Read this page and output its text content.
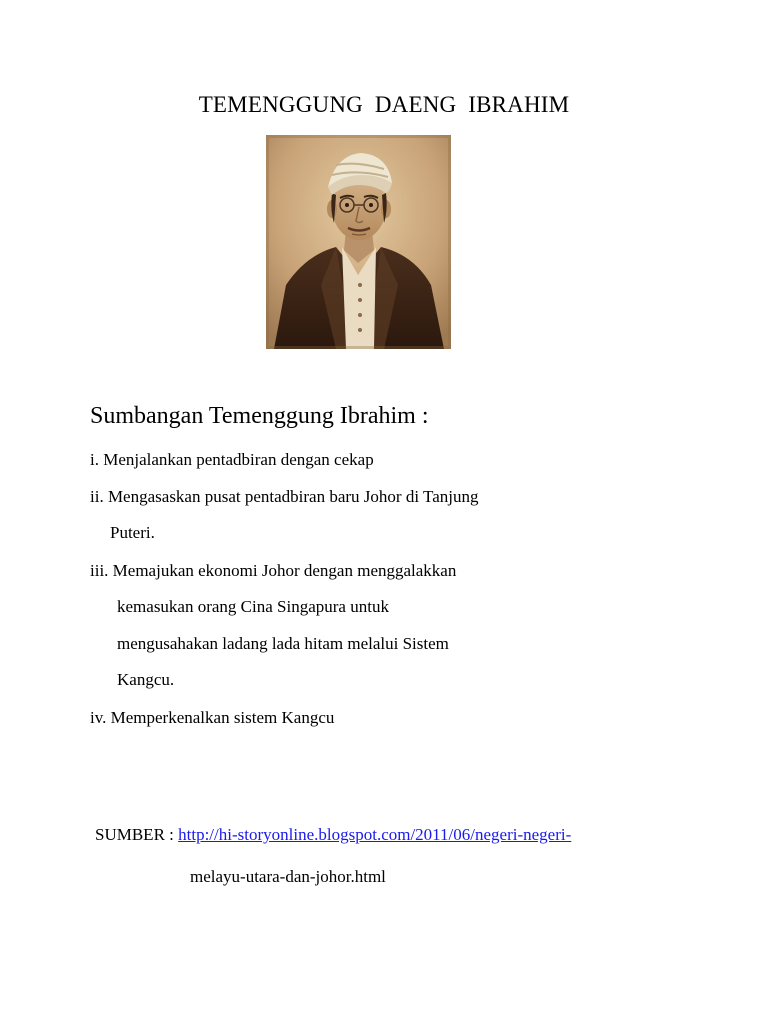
TEMENGGUNG  DAENG  IBRAHIM
Sumbangan Temenggung Ibrahim :
i. Menjalankan pentadbiran dengan cekap
ii. Mengasaskan pusat pentadbiran baru Johor di Tanjung
Puteri.
iii. Memajukan ekonomi Johor dengan menggalakkan
kemasukan orang Cina Singapura untuk
mengusahakan ladang lada hitam melalui Sistem
Kangcu.
iv. Memperkenalkan sistem Kangcu
SUMBER : http://hi-storyonline.blogspot.com/2011/06/negeri-negeri-
melayu-utara-dan-johor.html
